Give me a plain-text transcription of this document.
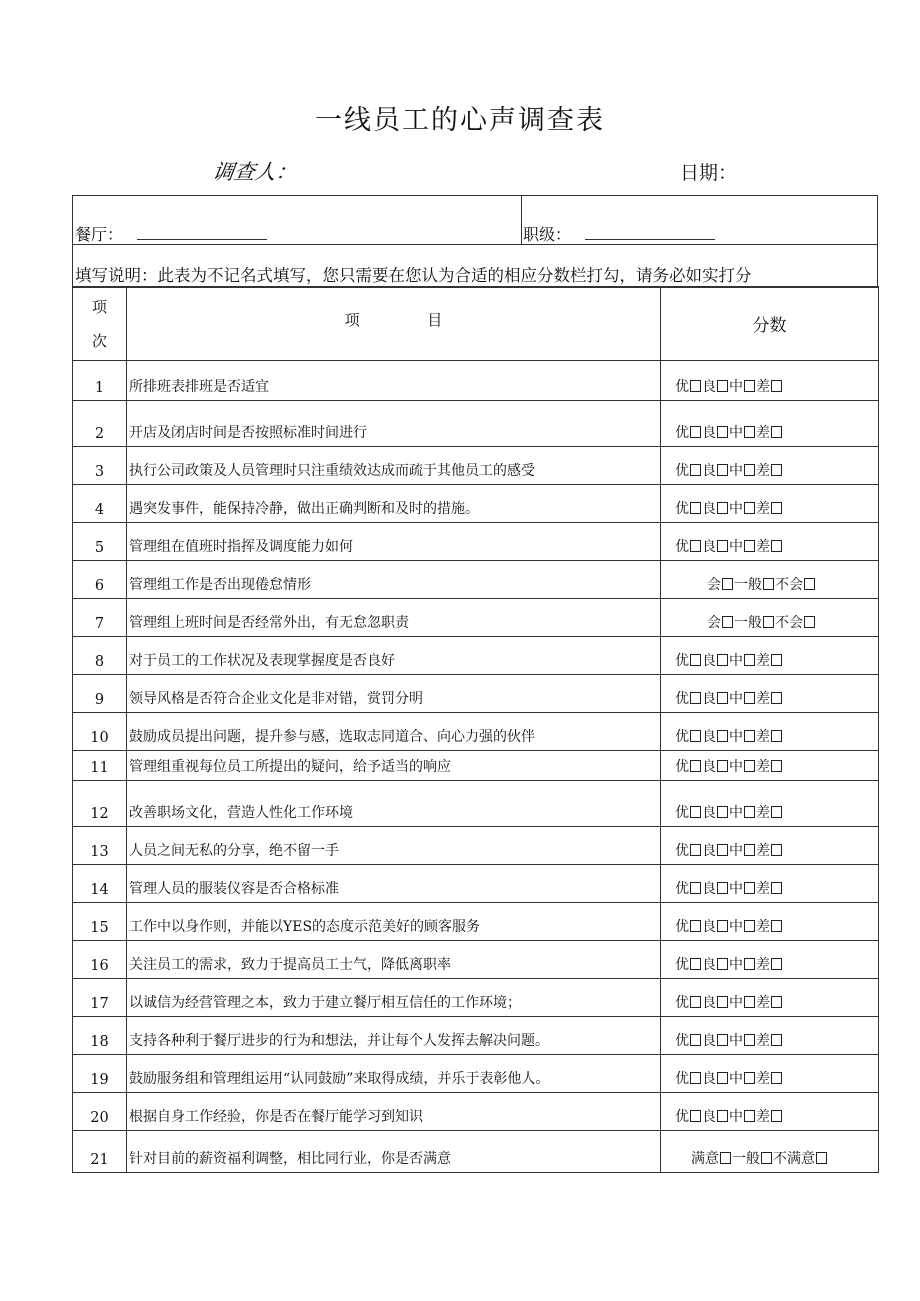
一线员工的心声调查表
调查人：	日期：
餐厅：	职级：
填写说明：此表为不记名式填写，您只需要在您认为合适的相应分数栏打勾，请务必如实打分
项
次	项 目	分数
1	所排班表排班是否适宜	优 良 中 差
2	开店及闭店时间是否按照标准时间进行	优 良 中 差
3	执行公司政策及人员管理时只注重绩效达成而疏于其他员工的感受	优 良 中 差
4	遇突发事件，能保持冷静，做出正确判断和及时的措施。	优 良 中 差
5	管理组在值班时指挥及调度能力如何	优 良 中 差
6	管理组工作是否出现倦怠情形	会 一般 不会
7	管理组上班时间是否经常外出，有无怠忽职责	会 一般 不会
8	对于员工的工作状况及表现掌握度是否良好	优 良 中 差
9	领导风格是否符合企业文化是非对错，赏罚分明	优 良 中 差
10	鼓励成员提出问题，提升参与感，选取志同道合、向心力强的伙伴	优 良 中 差
11	管理组重视每位员工所提出的疑问，给予适当的响应	优 良 中 差
12	改善职场文化，营造人性化工作环境	优 良 中 差
13	人员之间无私的分享，绝不留一手	优 良 中 差
14	管理人员的服装仪容是否合格标准	优 良 中 差
15	工作中以身作则，并能以YES的态度示范美好的顾客服务	优 良 中 差
16	关注员工的需求，致力于提高员工士气，降低离职率	优 良 中 差
17	以诚信为经营管理之本，致力于建立餐厅相互信任的工作环境；	优 良 中 差
18	支持各种利于餐厅进步的行为和想法，并让每个人发挥去解决问题。	优 良 中 差
19	鼓励服务组和管理组运用“认同鼓励”来取得成绩，并乐于表彰他人。	优 良 中 差
20	根据自身工作经验，你是否在餐厅能学习到知识	优 良 中 差
21	针对目前的薪资福利调整，相比同行业，你是否满意	满意 一般 不满意
